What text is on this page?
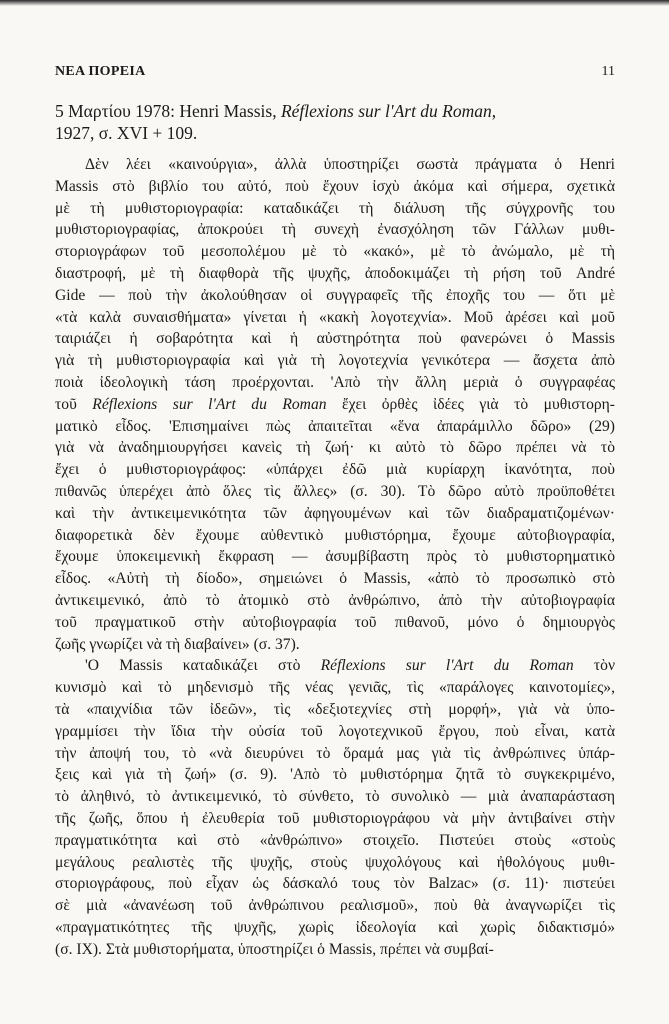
ΝΕΑ ΠΟΡΕΙΑ	11

5 Μαρτίου 1978: Henri Massis, Réflexions sur l'Art du Roman,
1927, σ. XVI + 109.

Δὲν λέει «καινούργια», ἀλλὰ ὑποστηρίζει σωστὰ πράγματα ὁ Henri
Massis στὸ βιβλίο του αὐτό, ποὺ ἔχουν ἰσχὺ ἀκόμα καὶ σήμερα, σχετικὰ
μὲ τὴ μυθιστοριογραφία: καταδικάζει τὴ διάλυση τῆς σύγχρονῆς του
μυθιστοριογραφίας, ἀποκρούει τὴ συνεχὴ ἐνασχόληση τῶν Γάλλων μυθι-
στοριογράφων τοῦ μεσοπολέμου μὲ τὸ «κακό», μὲ τὸ ἀνώμαλο, μὲ τὴ
διαστροφή, μὲ τὴ διαφθορὰ τῆς ψυχῆς, ἀποδοκιμάζει τὴ ρήση τοῦ André
Gide — ποὺ τὴν ἀκολούθησαν οἱ συγγραφεῖς τῆς ἐποχῆς του — ὅτι μὲ
«τὰ καλὰ συναισθήματα» γίνεται ἡ «κακὴ λογοτεχνία». Μοῦ ἀρέσει καὶ μοῦ
ταιριάζει ἡ σοβαρότητα καὶ ἡ αὐστηρότητα ποὺ φανερώνει ὁ Massis
γιὰ τὴ μυθιστοριογραφία καὶ γιὰ τὴ λογοτεχνία γενικότερα — ἄσχετα ἀπὸ
ποιὰ ἰδεολογικὴ τάση προέρχονται. 'Απὸ τὴν ἄλλη μεριὰ ὁ συγγραφέας
τοῦ Réflexions sur l'Art du Roman ἔχει ὀρθὲς ἰδέες γιὰ τὸ μυθιστορη-
ματικὸ εἶδος. 'Επισημαίνει πὼς ἀπαιτεῖται «ἕνα ἀπαράμιλλο δῶρο» (29)
γιὰ νὰ ἀναδημιουργήσει κανεὶς τὴ ζωή· κι αὐτὸ τὸ δῶρο πρέπει νὰ τὸ
ἔχει ὁ μυθιστοριογράφος: «ὑπάρχει ἐδῶ μιὰ κυρίαρχη ἱκανότητα, ποὺ
πιθανῶς ὑπερέχει ἀπὸ ὅλες τὶς ἄλλες» (σ. 30). Τὸ δῶρο αὐτὸ προϋποθέτει
καὶ τὴν ἀντικειμενικότητα τῶν ἀφηγουμένων καὶ τῶν διαδραματιζομένων·
διαφορετικὰ δὲν ἔχουμε αὐθεντικὸ μυθιστόρημα, ἔχουμε αὐτοβιογραφία,
ἔχουμε ὑποκειμενικὴ ἔκφραση — ἀσυμβίβαστη πρὸς τὸ μυθιστορηματικὸ
εἶδος. «Αὐτὴ τὴ δίοδο», σημειώνει ὁ Massis, «ἀπὸ τὸ προσωπικὸ στὸ
ἀντικειμενικό, ἀπὸ τὸ ἀτομικὸ στὸ ἀνθρώπινο, ἀπὸ τὴν αὐτοβιογραφία
τοῦ πραγματικοῦ στὴν αὐτοβιογραφία τοῦ πιθανοῦ, μόνο ὁ δημιουργὸς
ζωῆς γνωρίζει νὰ τὴ διαβαίνει» (σ. 37).
'Ο Massis καταδικάζει στὸ Réflexions sur l'Art du Roman τὸν
κυνισμὸ καὶ τὸ μηδενισμὸ τῆς νέας γενιᾶς, τὶς «παράλογες καινοτομίες»,
τὰ «παιχνίδια τῶν ἰδεῶν», τὶς «δεξιοτεχνίες στὴ μορφή», γιὰ νὰ ὑπο-
γραμμίσει τὴν ἴδια τὴν οὐσία τοῦ λογοτεχνικοῦ ἔργου, ποὺ εἶναι, κατὰ
τὴν ἀποψή του, τὸ «νὰ διευρύνει τὸ ὅραμά μας γιὰ τὶς ἀνθρώπινες ὑπάρ-
ξεις καὶ γιὰ τὴ ζωή» (σ. 9). 'Απὸ τὸ μυθιστόρημα ζητᾶ τὸ συγκεκριμένο,
τὸ ἀληθινό, τὸ ἀντικειμενικό, τὸ σύνθετο, τὸ συνολικὸ — μιὰ ἀναπαράσταση
τῆς ζωῆς, ὅπου ἡ ἐλευθερία τοῦ μυθιστοριογράφου νὰ μὴν ἀντιβαίνει στὴν
πραγματικότητα καὶ στὸ «ἀνθρώπινο» στοιχεῖο. Πιστεύει στοὺς «στοὺς
μεγάλους ρεαλιστὲς τῆς ψυχῆς, στοὺς ψυχολόγους καὶ ἠθολόγους μυθι-
στοριογράφους, ποὺ εἶχαν ὡς δάσκαλό τους τὸν Balzac» (σ. 11)· πιστεύει
σὲ μιὰ «ἀνανέωση τοῦ ἀνθρώπινου ρεαλισμοῦ», ποὺ θὰ ἀναγνωρίζει τὶς
«πραγματικότητες τῆς ψυχῆς, χωρὶς ἰδεολογία καὶ χωρὶς διδακτισμό»
(σ. IX). Στὰ μυθιστορήματα, ὑποστηρίζει ὁ Massis, πρέπει νὰ συμβαί-
